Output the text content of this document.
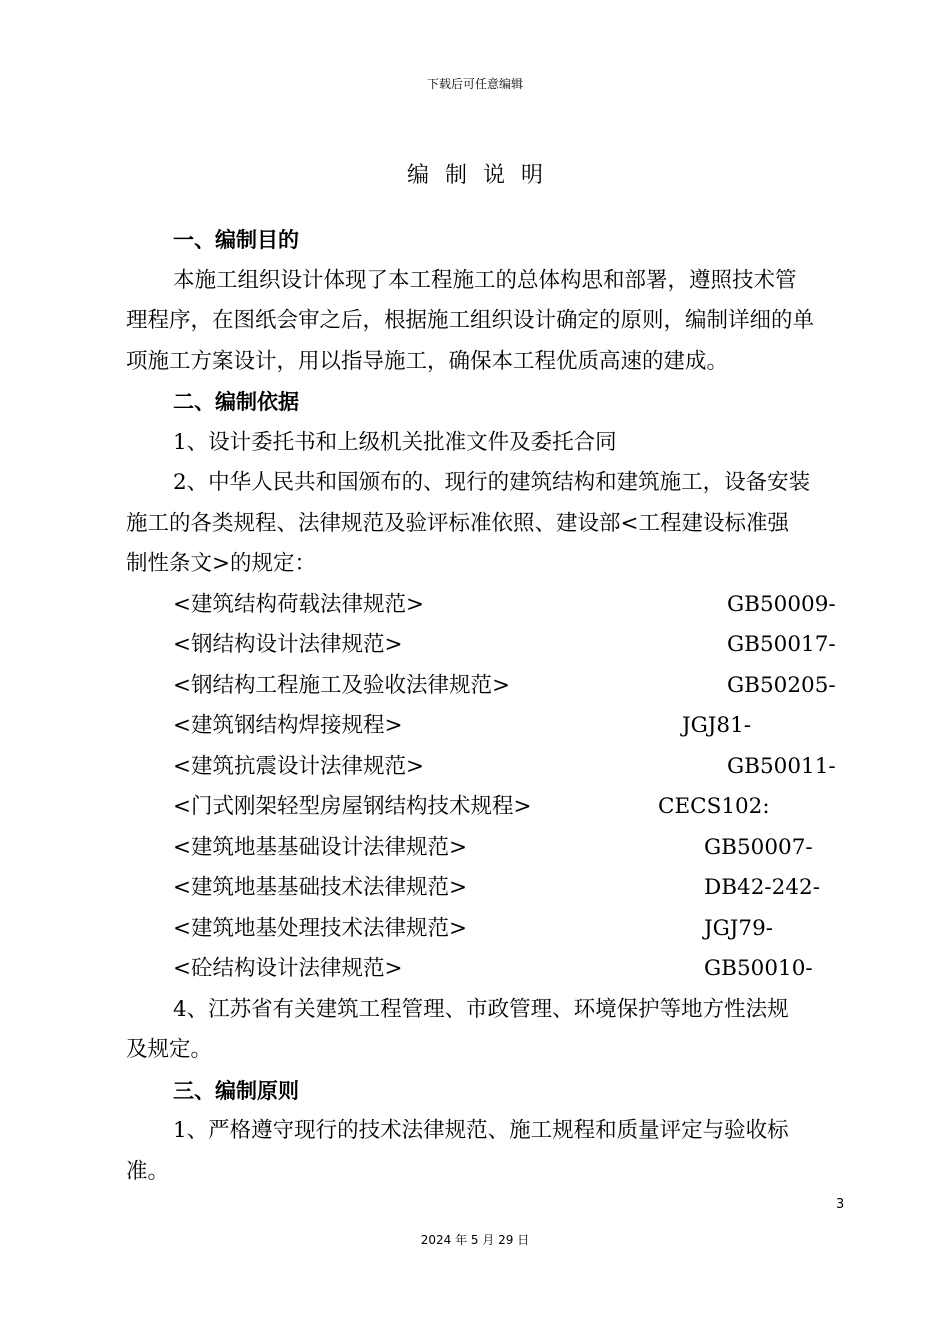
下载后可任意编辑
编制说明
一、编制目的
本施工组织设计体现了本工程施工的总体构思和部署，遵照技术管
理程序，在图纸会审之后，根据施工组织设计确定的原则，编制详细的单
项施工方案设计，用以指导施工，确保本工程优质高速的建成。
二、编制依据
1、设计委托书和上级机关批准文件及委托合同
2、中华人民共和国颁布的、现行的建筑结构和建筑施工，设备安装
施工的各类规程、法律规范及验评标准依照、建设部<工程建设标准强
制性条文>的规定：
<建筑结构荷载法律规范>	GB50009-
<钢结构设计法律规范>	GB50017-
<钢结构工程施工及验收法律规范>	GB50205-
<建筑钢结构焊接规程>	JGJ81-
<建筑抗震设计法律规范>	GB50011-
<门式刚架轻型房屋钢结构技术规程>	CECS102:
<建筑地基基础设计法律规范>	GB50007-
<建筑地基基础技术法律规范>	DB42-242-
<建筑地基处理技术法律规范>	JGJ79-
<砼结构设计法律规范>	GB50010-
4、江苏省有关建筑工程管理、市政管理、环境保护等地方性法规
及规定。
三、编制原则
1、严格遵守现行的技术法律规范、施工规程和质量评定与验收标
准。
3
2024 年 5 月 29 日
